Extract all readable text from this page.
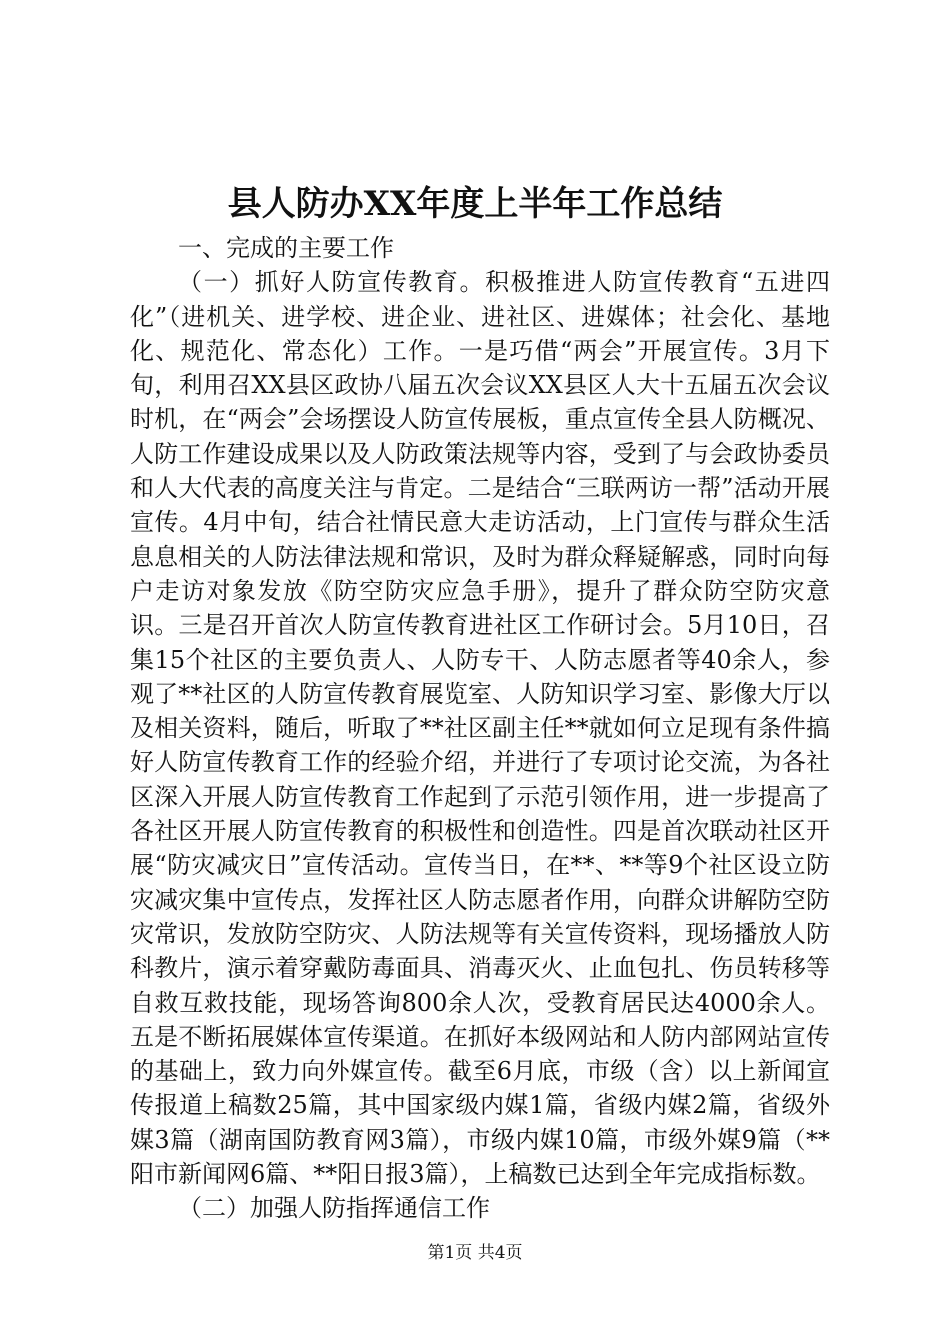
县人防办XX年度上半年工作总结

一、完成的主要工作

（一）抓好人防宣传教育。积极推进人防宣传教育“五进四化”（进机关、进学校、进企业、进社区、进媒体；社会化、基地化、规范化、常态化）工作。一是巧借“两会”开展宣传。3月下旬，利用召XX县区政协八届五次会议XX县区人大十五届五次会议时机，在“两会”会场摆设人防宣传展板，重点宣传全县人防概况、人防工作建设成果以及人防政策法规等内容，受到了与会政协委员和人大代表的高度关注与肯定。二是结合“三联两访一帮”活动开展宣传。4月中旬，结合社情民意大走访活动，上门宣传与群众生活息息相关的人防法律法规和常识，及时为群众释疑解惑，同时向每户走访对象发放《防空防灾应急手册》，提升了群众防空防灾意识。三是召开首次人防宣传教育进社区工作研讨会。5月10日，召集15个社区的主要负责人、人防专干、人防志愿者等40余人，参观了**社区的人防宣传教育展览室、人防知识学习室、影像大厅以及相关资料，随后，听取了**社区副主任**就如何立足现有条件搞好人防宣传教育工作的经验介绍，并进行了专项讨论交流，为各社区深入开展人防宣传教育工作起到了示范引领作用，进一步提高了各社区开展人防宣传教育的积极性和创造性。四是首次联动社区开展“防灾减灾日”宣传活动。宣传当日，在**、**等9个社区设立防灾减灾集中宣传点，发挥社区人防志愿者作用，向群众讲解防空防灾常识，发放防空防灾、人防法规等有关宣传资料，现场播放人防科教片，演示着穿戴防毒面具、消毒灭火、止血包扎、伤员转移等自救互救技能，现场答询800余人次，受教育居民达4000余人。五是不断拓展媒体宣传渠道。在抓好本级网站和人防内部网站宣传的基础上，致力向外媒宣传。截至6月底，市级（含）以上新闻宣传报道上稿数25篇，其中国家级内媒1篇，省级内媒2篇，省级外媒3篇（湖南国防教育网3篇），市级内媒10篇，市级外媒9篇（**阳市新闻网6篇、**阳日报3篇），上稿数已达到全年完成指标数。

（二）加强人防指挥通信工作

第1页 共4页
